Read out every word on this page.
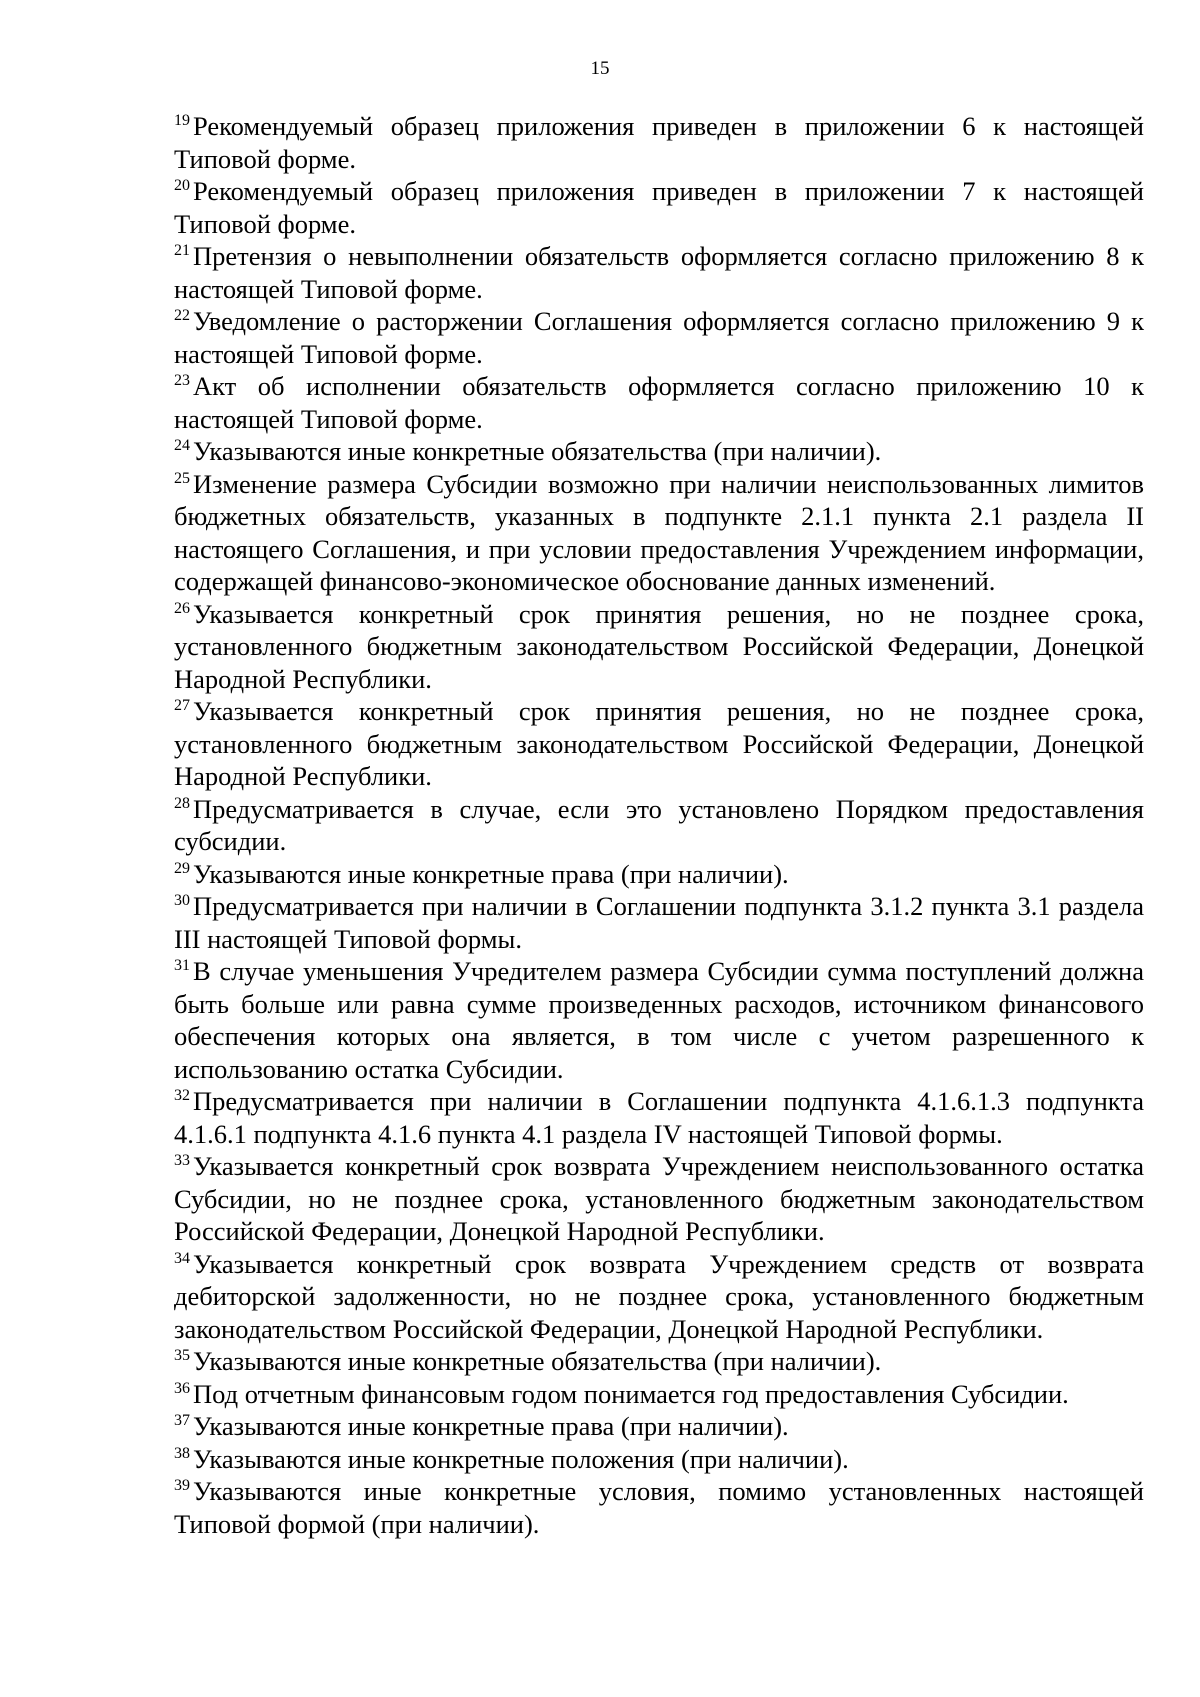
15

$^{19}$ Рекомендуемый образец приложения приведен в приложении 6 к настоящей Типовой форме.

$^{20}$ Рекомендуемый образец приложения приведен в приложении 7 к настоящей Типовой форме.

$^{21}$ Претензия о невыполнении обязательств оформляется согласно приложению 8 к настоящей Типовой форме.

$^{22}$ Уведомление о расторжении Соглашения оформляется согласно приложению 9 к настоящей Типовой форме.

$^{23}$ Акт об исполнении обязательств оформляется согласно приложению 10 к настоящей Типовой форме.

$^{24}$ Указываются иные конкретные обязательства (при наличии).

$^{25}$ Изменение размера Субсидии возможно при наличии неиспользованных лимитов бюджетных обязательств, указанных в подпункте 2.1.1 пункта 2.1 раздела II настоящего Соглашения, и при условии предоставления Учреждением информации, содержащей финансово-экономическое обоснование данных изменений.

$^{26}$ Указывается конкретный срок принятия решения, но не позднее срока, установленного бюджетным законодательством Российской Федерации, Донецкой Народной Республики.

$^{27}$ Указывается конкретный срок принятия решения, но не позднее срока, установленного бюджетным законодательством Российской Федерации, Донецкой Народной Республики.

$^{28}$ Предусматривается в случае, если это установлено Порядком предоставления субсидии.

$^{29}$ Указываются иные конкретные права (при наличии).

$^{30}$ Предусматривается при наличии в Соглашении подпункта 3.1.2 пункта 3.1 раздела III настоящей Типовой формы.

$^{31}$ В случае уменьшения Учредителем размера Субсидии сумма поступлений должна быть больше или равна сумме произведенных расходов, источником финансового обеспечения которых она является, в том числе с учетом разрешенного к использованию остатка Субсидии.

$^{32}$ Предусматривается при наличии в Соглашении подпункта 4.1.6.1.3 подпункта 4.1.6.1 подпункта 4.1.6 пункта 4.1 раздела IV настоящей Типовой формы.

$^{33}$ Указывается конкретный срок возврата Учреждением неиспользованного остатка Субсидии, но не позднее срока, установленного бюджетным законодательством Российской Федерации, Донецкой Народной Республики.

$^{34}$ Указывается конкретный срок возврата Учреждением средств от возврата дебиторской задолженности, но не позднее срока, установленного бюджетным законодательством Российской Федерации, Донецкой Народной Республики.

$^{35}$ Указываются иные конкретные обязательства (при наличии).

$^{36}$ Под отчетным финансовым годом понимается год предоставления Субсидии.

$^{37}$ Указываются иные конкретные права (при наличии).

$^{38}$ Указываются иные конкретные положения (при наличии).

$^{39}$ Указываются иные конкретные условия, помимо установленных настоящей Типовой формой (при наличии).
